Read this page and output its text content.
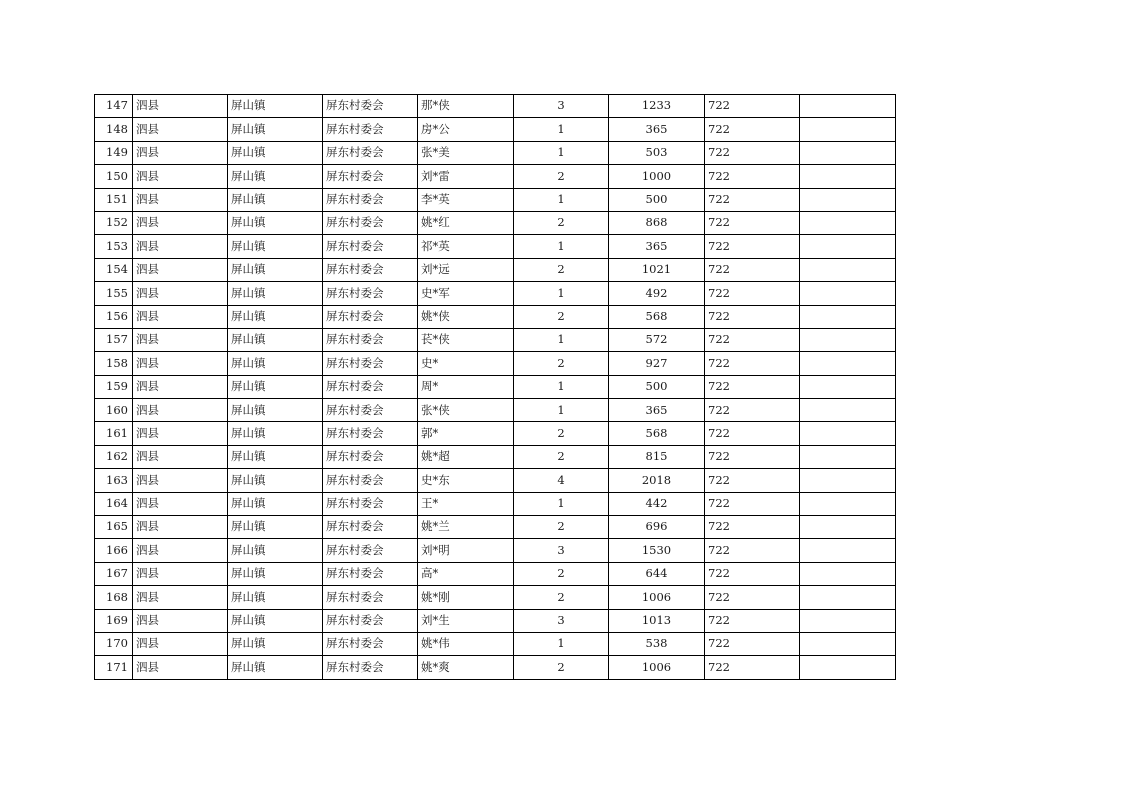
147	泗县	屏山镇	屏东村委会	那*侠	3	1233	722	
148	泗县	屏山镇	屏东村委会	房*公	1	365	722	
149	泗县	屏山镇	屏东村委会	张*美	1	503	722	
150	泗县	屏山镇	屏东村委会	刘*雷	2	1000	722	
151	泗县	屏山镇	屏东村委会	李*英	1	500	722	
152	泗县	屏山镇	屏东村委会	姚*红	2	868	722	
153	泗县	屏山镇	屏东村委会	祁*英	1	365	722	
154	泗县	屏山镇	屏东村委会	刘*远	2	1021	722	
155	泗县	屏山镇	屏东村委会	史*军	1	492	722	
156	泗县	屏山镇	屏东村委会	姚*侠	2	568	722	
157	泗县	屏山镇	屏东村委会	苌*侠	1	572	722	
158	泗县	屏山镇	屏东村委会	史*	2	927	722	
159	泗县	屏山镇	屏东村委会	周*	1	500	722	
160	泗县	屏山镇	屏东村委会	张*侠	1	365	722	
161	泗县	屏山镇	屏东村委会	郭*	2	568	722	
162	泗县	屏山镇	屏东村委会	姚*超	2	815	722	
163	泗县	屏山镇	屏东村委会	史*东	4	2018	722	
164	泗县	屏山镇	屏东村委会	王*	1	442	722	
165	泗县	屏山镇	屏东村委会	姚*兰	2	696	722	
166	泗县	屏山镇	屏东村委会	刘*明	3	1530	722	
167	泗县	屏山镇	屏东村委会	高*	2	644	722	
168	泗县	屏山镇	屏东村委会	姚*刚	2	1006	722	
169	泗县	屏山镇	屏东村委会	刘*生	3	1013	722	
170	泗县	屏山镇	屏东村委会	姚*伟	1	538	722	
171	泗县	屏山镇	屏东村委会	姚*爽	2	1006	722	
